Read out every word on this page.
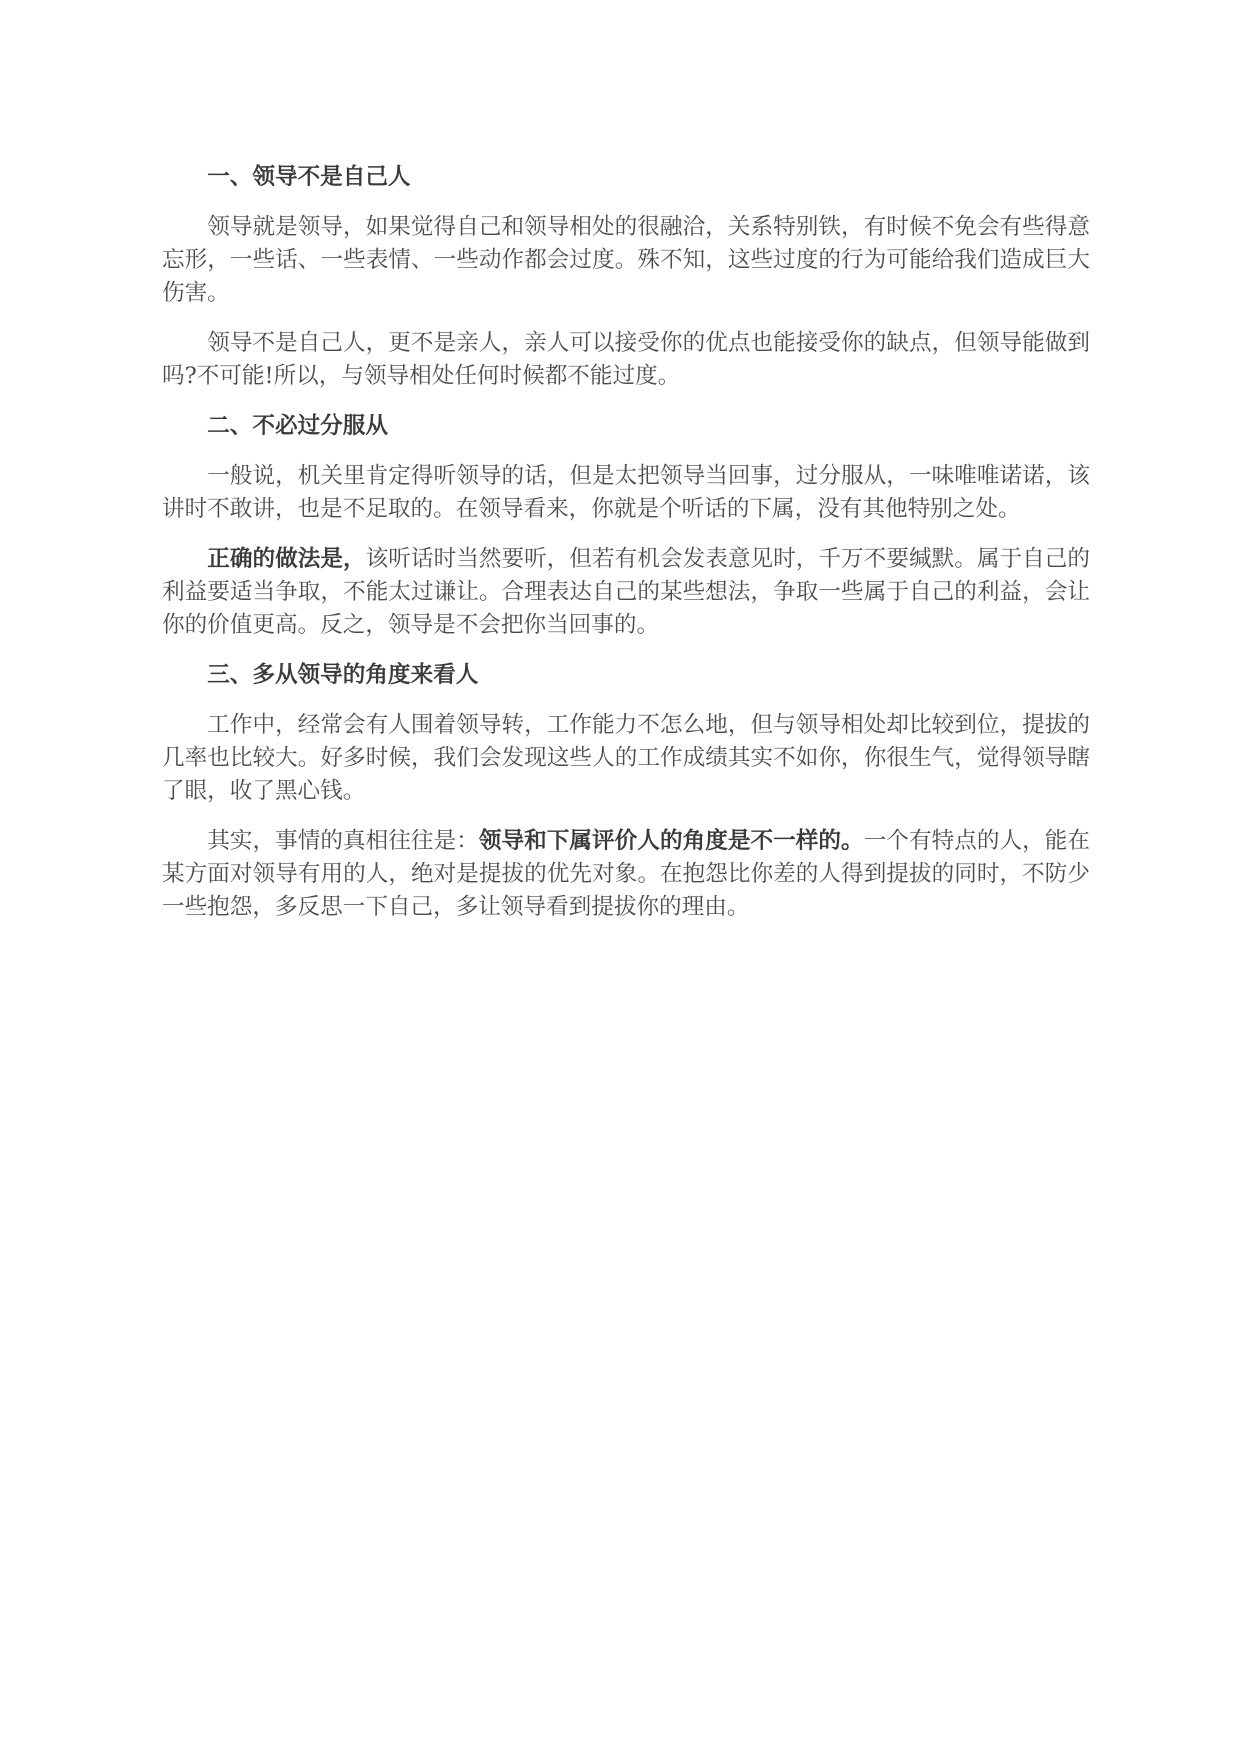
一、领导不是自己人

领导就是领导，如果觉得自己和领导相处的很融洽，关系特别铁，有时候不免会有些得意忘形，一些话、一些表情、一些动作都会过度。殊不知，这些过度的行为可能给我们造成巨大伤害。

领导不是自己人，更不是亲人，亲人可以接受你的优点也能接受你的缺点，但领导能做到吗?不可能!所以，与领导相处任何时候都不能过度。

二、不必过分服从

一般说，机关里肯定得听领导的话，但是太把领导当回事，过分服从，一味唯唯诺诺，该讲时不敢讲，也是不足取的。在领导看来，你就是个听话的下属，没有其他特别之处。

正确的做法是，该听话时当然要听，但若有机会发表意见时，千万不要缄默。属于自己的利益要适当争取，不能太过谦让。合理表达自己的某些想法，争取一些属于自己的利益，会让你的价值更高。反之，领导是不会把你当回事的。

三、多从领导的角度来看人

工作中，经常会有人围着领导转，工作能力不怎么地，但与领导相处却比较到位，提拔的几率也比较大。好多时候，我们会发现这些人的工作成绩其实不如你，你很生气，觉得领导瞎了眼，收了黑心钱。

其实，事情的真相往往是：领导和下属评价人的角度是不一样的。一个有特点的人，能在某方面对领导有用的人，绝对是提拔的优先对象。在抱怨比你差的人得到提拔的同时，不防少一些抱怨，多反思一下自己，多让领导看到提拔你的理由。
